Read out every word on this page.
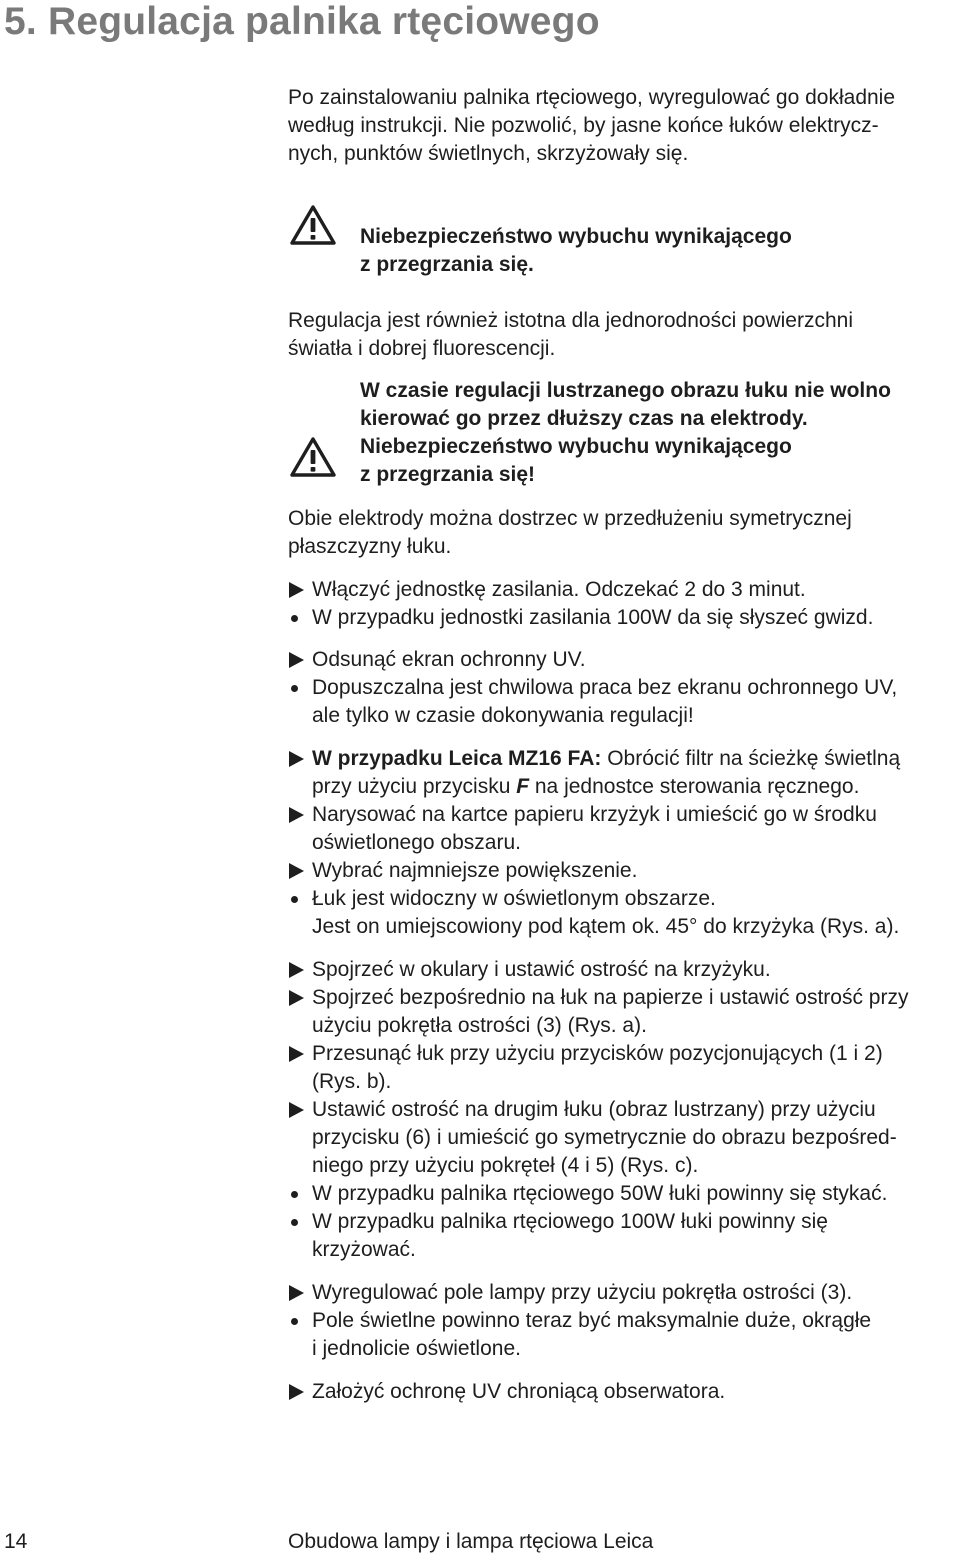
5. Regulacja palnika rtęciowego

Po zainstalowaniu palnika rtęciowego, wyregulować go dokładnie

według instrukcji. Nie pozwolić, by jasne końce łuków elektrycz-

nych, punktów świetlnych, skrzyżowały się.

Niebezpieczeństwo wybuchu wynikającego

z przegrzania się.

Regulacja jest również istotna dla jednorodności powierzchni

światła i dobrej fluorescencji.

W czasie regulacji lustrzanego obrazu łuku nie wolno

kierować go przez dłuższy czas na elektrody.

Niebezpieczeństwo wybuchu wynikającego

z przegrzania się!

Obie elektrody można dostrzec w przedłużeniu symetrycznej

płaszczyzny łuku.

Włączyć jednostkę zasilania. Odczekać 2 do 3 minut.
W przypadku jednostki zasilania 100W da się słyszeć gwizd.
Odsunąć ekran ochronny UV.
Dopuszczalna jest chwilowa praca bez ekranu ochronnego UV,
ale tylko w czasie dokonywania regulacji!
W przypadku Leica MZ16 FA: Obrócić filtr na ścieżkę świetlną
przy użyciu przycisku F na jednostce sterowania ręcznego.
Narysować na kartce papieru krzyżyk i umieścić go w środku
oświetlonego obszaru.
Wybrać najmniejsze powiększenie.
Łuk jest widoczny w oświetlonym obszarze.
Jest on umiejscowiony pod kątem ok. 45° do krzyżyka (Rys. a).
Spojrzeć w okulary i ustawić ostrość na krzyżyku.
Spojrzeć bezpośrednio na łuk na papierze i ustawić ostrość przy
użyciu pokrętła ostrości (3) (Rys. a).
Przesunąć łuk przy użyciu przycisków pozycjonujących (1 i 2)
(Rys. b).
Ustawić ostrość na drugim łuku (obraz lustrzany) przy użyciu
przycisku (6) i umieścić go symetrycznie do obrazu bezpośred-
niego przy użyciu pokręteł (4 i 5) (Rys. c).
W przypadku palnika rtęciowego 50W łuki powinny się stykać.
W przypadku palnika rtęciowego 100W łuki powinny się
krzyżować.
Wyregulować pole lampy przy użyciu pokrętła ostrości (3).
Pole świetlne powinno teraz być maksymalnie duże, okrągłe
i jednolicie oświetlone.
Założyć ochronę UV chroniącą obserwatora.
14	Obudowa lampy i lampa rtęciowa Leica
